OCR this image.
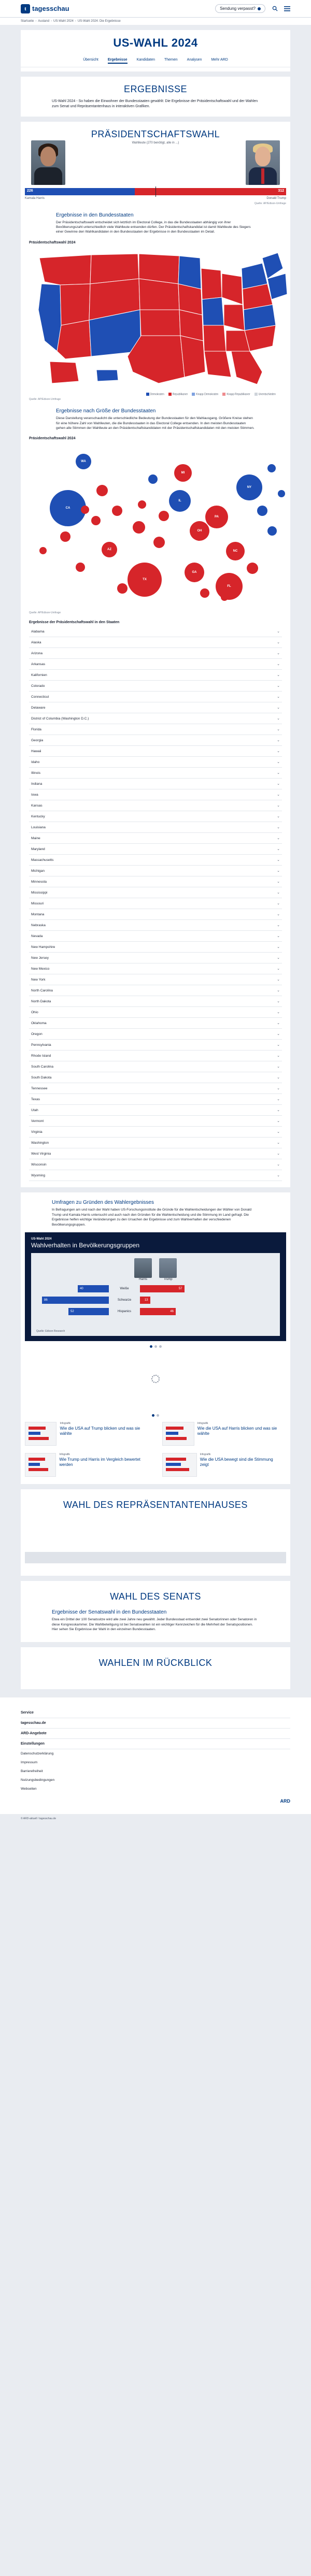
t tagesschau	Sendung verpasst?
Startseite › Ausland › US-Wahl 2024 › US-Wahl 2024: Die Ergebnisse
US-WAHL 2024
Übersicht	Ergebnisse	Kandidaten	Themen	Analysen	Mehr ARD
ERGEBNISSE

US-Wahl 2024 - So haben die Einwohner der Bundesstaaten gewählt: Die Ergebnisse der Präsidentschaftswahl und der Wahlen zum Senat und Repräsentantenhaus in interaktiven Grafiken.

PRÄSIDENTSCHAFTSWAHL
Wahlleute (270 benötigt, alle in ...)
226	312
Kamala Harris	Donald Trump
Quelle: AP/Edison-Umfrage
Ergebnisse in den Bundesstaaten

Der Präsidentschaftswahl entscheidet sich letztlich im Electoral College, in das die Bundesstaaten abhängig von ihrer Bevölkerungszahl unterschiedlich viele Wahlleute entsenden dürfen. Der Präsidentschaftskandidat ist damit Wahlleute des Siegers einer Gewinne den Wahlkandidaten in den Bundesstaaten der Ergebnisse in den Bundesstaaten im Detail.

Präsidentschaftswahl 2024
Demokraten	Republikaner	Knapp Demokraten	Knapp Republikaner	Unentschieden
Quelle: AP/Edison-Umfrage
Ergebnisse nach Größe der Bundesstaaten

Diese Darstellung veranschaulicht die unterschiedliche Bedeutung der Bundesstaaten für den Wahlausgang. Größere Kreise stehen für eine höhere Zahl von Wahlleuten, die die Bundesstaaten in das Electoral College entsenden. In den meisten Bundesstaaten gehen alle Stimmen der Wahlleute an den Präsidentschaftskandidaten mit der Präsidentschaftskandidaten mit den meisten Stimmen.

Präsidentschaftswahl 2024
CA
TX
FL
NY
PA
IL
OH
GA
NC
MI
WA
AZ
Quelle: AP/Edison-Umfrage
Ergebnisse der Präsidentschaftswahl in den Staaten
Alabama	⌄
Alaska	⌄
Arizona	⌄
Arkansas	⌄
Kalifornien	⌄
Colorado	⌄
Connecticut	⌄
Delaware	⌄
District of Columbia (Washington D.C.)	⌄
Florida	⌄
Georgia	⌄
Hawaii	⌄
Idaho	⌄
Illinois	⌄
Indiana	⌄
Iowa	⌄
Kansas	⌄
Kentucky	⌄
Louisiana	⌄
Maine	⌄
Maryland	⌄
Massachusetts	⌄
Michigan	⌄
Minnesota	⌄
Mississippi	⌄
Missouri	⌄
Montana	⌄
Nebraska	⌄
Nevada	⌄
New Hampshire	⌄
New Jersey	⌄
New Mexico	⌄
New York	⌄
North Carolina	⌄
North Dakota	⌄
Ohio	⌄
Oklahoma	⌄
Oregon	⌄
Pennsylvania	⌄
Rhode Island	⌄
South Carolina	⌄
South Dakota	⌄
Tennessee	⌄
Texas	⌄
Utah	⌄
Vermont	⌄
Virginia	⌄
Washington	⌄
West Virginia	⌄
Wisconsin	⌄
Wyoming	⌄
Umfragen zu Gründen des Wahlergebnisses

In Befragungen am und nach der Wahl haben US-Forschungsinstitute die Gründe für die Wahlentscheidungen der Wähler von Donald Trump und Kamala Harris untersucht und auch nach den Gründen für die Wahlentscheidung und die Stimmung im Land gefragt. Die Ergebnisse helfen wichtige Veränderungen zu den Ursachen der Ergebnisse und zum Wahlverhalten der verschiedenen Bevölkerungsgruppen.

US-Wahl 2024
Wahlverhalten in Bevölkerungsgruppen
Harris	Trump
40	Weiße	57
86	Schwarze	13
52	Hispanics	46
Quelle: Edison Research
Infografik
Wie die USA auf Trump blicken und was sie wählte
Infografik
Wie die USA auf Harris blicken und was sie wählte
Infografik
Wie Trump und Harris im Vergleich bewertet werden
Infografik
Wie die USA bewegt sind die Stimmung zeigt
WAHL DES REPRÄSENTANTENHAUSES
WAHL DES SENATS
Ergebnisse der Senatswahl in den Bundesstaaten

Etwa ein Drittel der 100 Senatssitze wird alle zwei Jahre neu gewählt. Jeder Bundesstaat entsendet zwei Senatorinnen oder Senatoren in diese Kongresskammer. Die Wahlbeteiligung ist bei Senatswahlen ist ein wichtiger Kennzeichen für die Mehrheit der Senatspositionen. Hier sehen Sie Ergebnisse der Wahl in den einzelnen Bundesstaaten.

WAHLEN IM RÜCKBLICK
Service
tagesschau.de
ARD-Angebote
Einstellungen
Datenschutzerklärung
Impressum
Barrierefreiheit
Nutzungsbedingungen
Webseiten
ARD
© ARD-aktuell / tagesschau.de
